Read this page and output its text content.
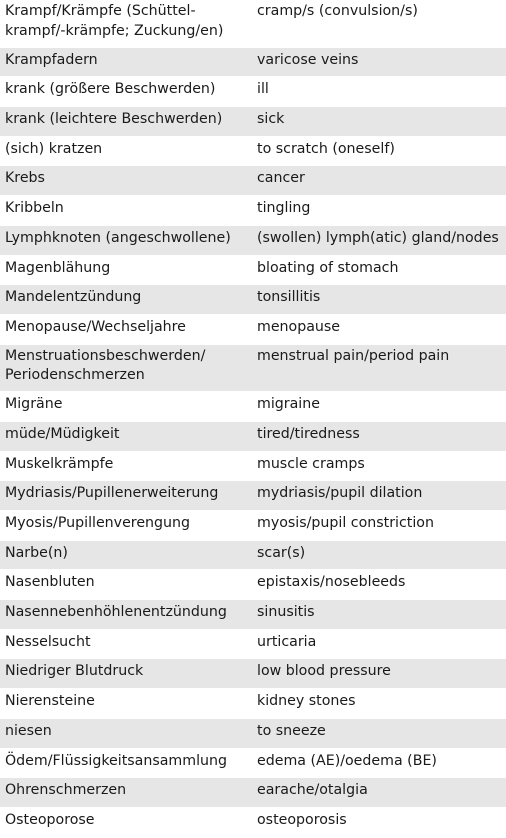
Krampf/Krämpfe (Schüttel- krampf/-krämpfe; Zuckung/en)	cramp/s (convulsion/s)

Krampfadern	varicose veins

krank (größere Beschwerden)	ill

krank (leichtere Beschwerden)	sick

(sich) kratzen	to scratch (oneself)

Krebs	cancer

Kribbeln	tingling

Lymphknoten (angeschwollene)	(swollen) lymph(atic) gland/nodes

Magenblähung	bloating of stomach

Mandelentzündung	tonsillitis

Menopause/Wechseljahre	menopause

Menstruationsbeschwerden/ Periodenschmerzen	menstrual pain/period pain

Migräne	migraine

müde/Müdigkeit	tired/tiredness

Muskelkrämpfe	muscle cramps

Mydriasis/Pupillenerweiterung	mydriasis/pupil dilation

Myosis/Pupillenverengung	myosis/pupil constriction

Narbe(n)	scar(s)

Nasenbluten	epistaxis/nosebleeds

Nasennebenhöhlenentzündung	sinusitis

Nesselsucht	urticaria

Niedriger Blutdruck	low blood pressure

Nierensteine	kidney stones

niesen	to sneeze

Ödem/Flüssigkeitsansammlung	edema (AE)/oedema (BE)

Ohrenschmerzen	earache/otalgia

Osteoporose	osteoporosis
